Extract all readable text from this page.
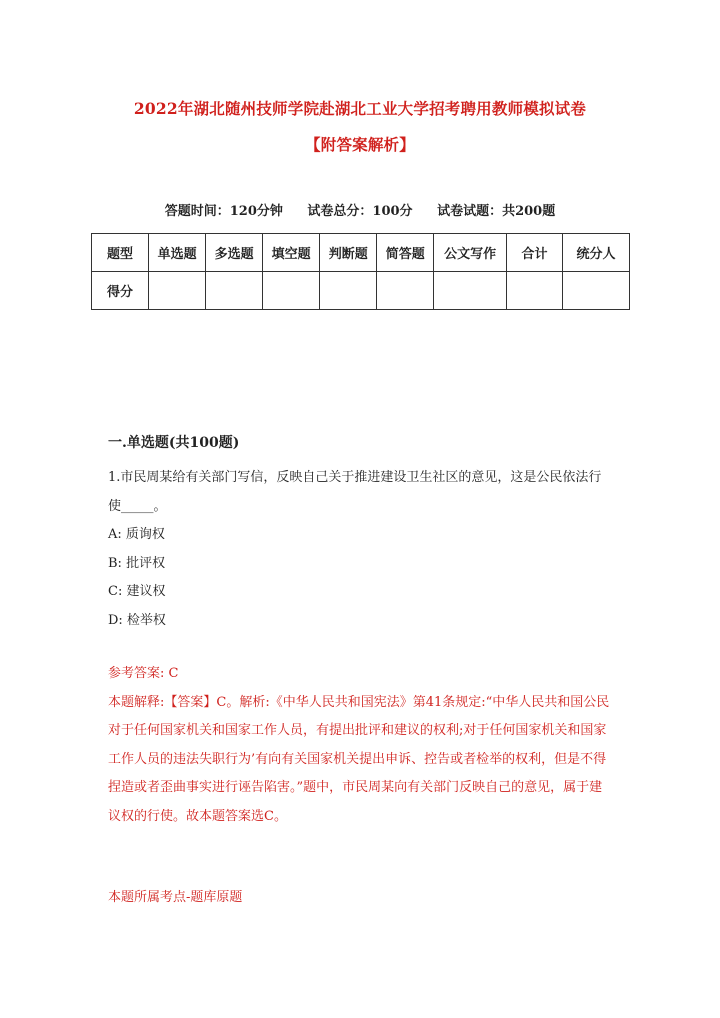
2022年湖北随州技师学院赴湖北工业大学招考聘用教师模拟试卷
【附答案解析】
答题时间：120分钟 试卷总分：100分 试卷试题：共200题
题型	单选题	多选题	填空题	判断题	简答题	公文写作	合计	统分人
得分								
一.单选题(共100题)
1.市民周某给有关部门写信，反映自己关于推进建设卫生社区的意见，这是公民依法行使_____。
A: 质询权
B: 批评权
C: 建议权
D: 检举权
参考答案: C
本题解释:【答案】C。解析:《中华人民共和国宪法》第41条规定:“中华人民共和国公民对于任何国家机关和国家工作人员，有提出批评和建议的权利;对于任何国家机关和国家工作人员的违法失职行为’有向有关国家机关提出申诉、控告或者检举的权利，但是不得捏造或者歪曲事实进行诬告陷害。”题中，市民周某向有关部门反映自己的意见，属于建议权的行使。故本题答案选C。
本题所属考点-题库原题
